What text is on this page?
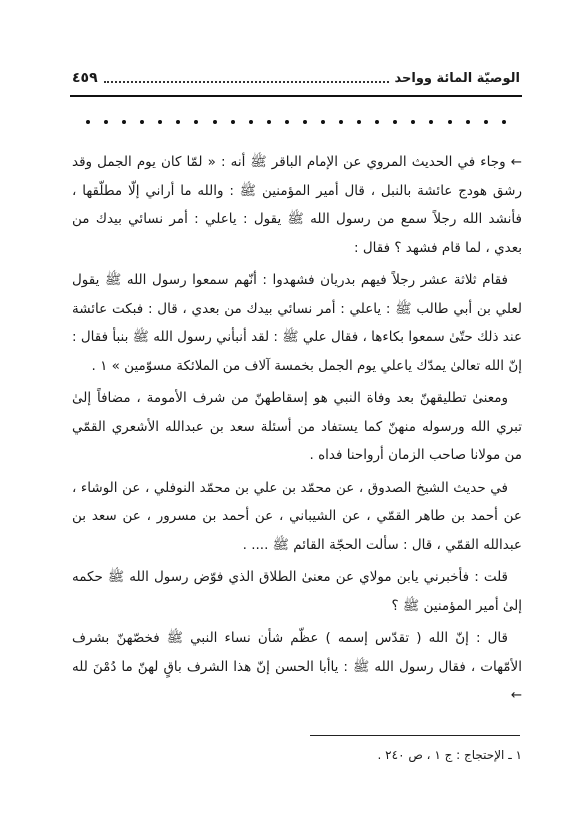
الوصيّة المائة وواحد
٤٥٩

← وجاء في الحديث المروي عن الإمام الباقر ﷺ أنه : « لمّا كان يوم الجمل وقد رشق هودج عائشة بالنبل ، قال أمير المؤمنين ﷺ : والله ما أراني إلّا مطلّقها ، فأنشد الله رجلاً سمع من رسول الله ﷺ يقول : ياعلي : أمر نسائي بيدك من بعدي ، لما قام فشهد ؟ فقال :

فقام ثلاثة عشر رجلاً فيهم بدريان فشهدوا : أنّهم سمعوا رسول الله ﷺ يقول لعلي بن أبي طالب ﷺ : ياعلي : أمر نسائي بيدك من بعدي ، قال : فبكت عائشة عند ذلك حتّىٰ سمعوا بكاءها ، فقال علي ﷺ : لقد أنبأني رسول الله ﷺ بنبأ فقال : إنّ الله تعالىٰ يمدّك ياعلي يوم الجمل بخمسة آلاف من الملائكة مسوّمين » ١ .

ومعنىٰ تطليقهنّ بعد وفاة النبي هو إسقاطهنّ من شرف الأمومة ، مضافاً إلىٰ تبري الله ورسوله منهنّ كما يستفاد من أسئلة سعد بن عبدالله الأشعري القمّي من مولانا صاحب الزمان أرواحنا فداه .

في حديث الشيخ الصدوق ، عن محمّد بن علي بن محمّد النوفلي ، عن الوشاء ، عن أحمد بن طاهر القمّي ، عن الشيباني ، عن أحمد بن مسرور ، عن سعد بن عبدالله القمّي ، قال : سألت الحجّة القائم ﷺ .... .

قلت : فأخبرني يابن مولاي عن معنىٰ الطلاق الذي فوّض رسول الله ﷺ حكمه إلىٰ أمير المؤمنين ﷺ ؟

قال : إنّ الله ( تقدّس إسمه ) عظّم شأن نساء النبي ﷺ فخصّهنّ بشرف الأمّهات ، فقال رسول الله ﷺ : ياأبا الحسن إنّ هذا الشرف باقٍ لهنّ ما دُمْنَ لله ←

١ ـ الإحتجاج : ج ١ ، ص ٢٤٠ .
